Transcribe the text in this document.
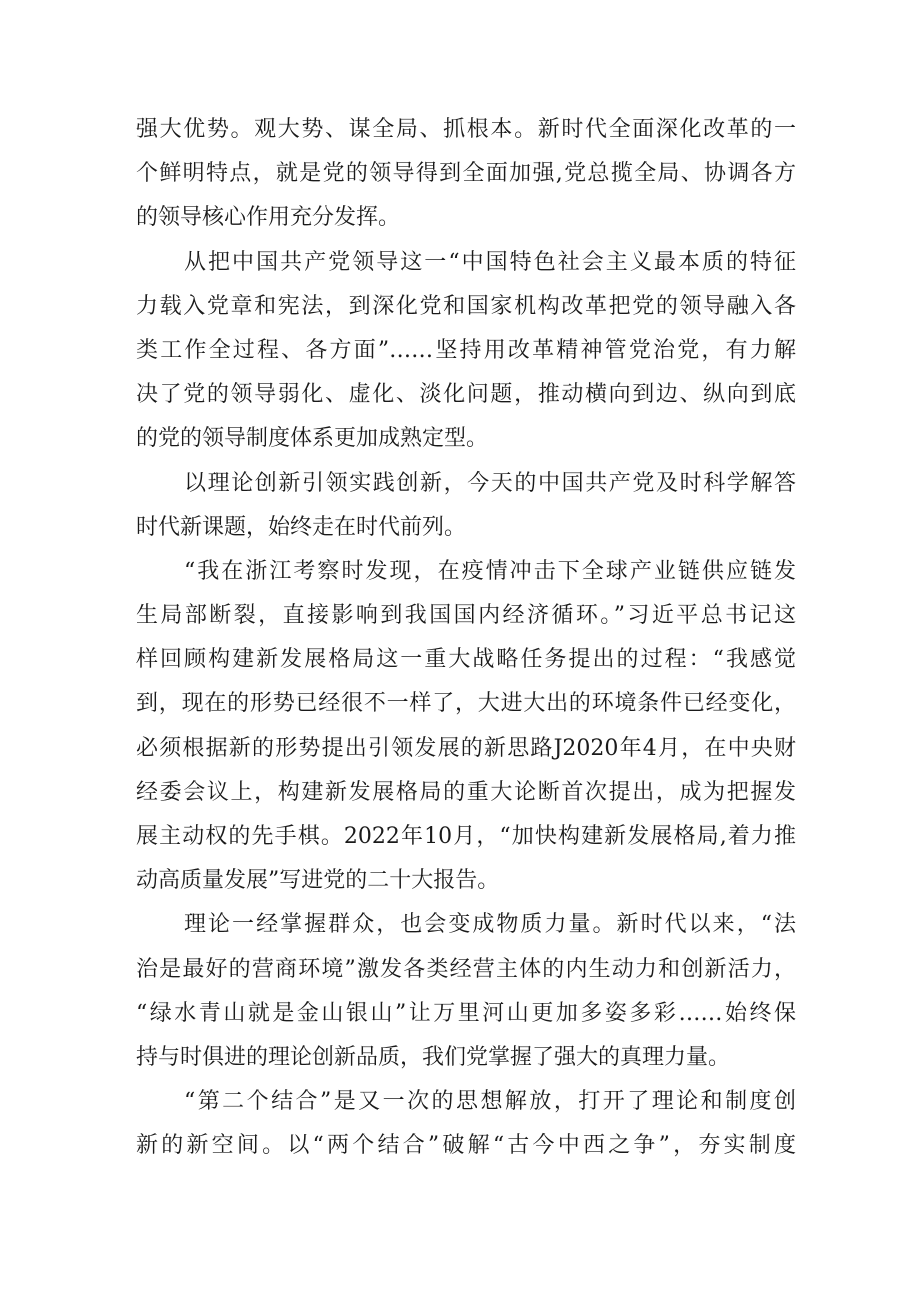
强大优势。观大势、谋全局、抓根本。新时代全面深化改革的一
个鲜明特点，就是党的领导得到全面加强,党总揽全局、协调各方
的领导核心作用充分发挥。
从把中国共产党领导这一“中国特色社会主义最本质的特征
力载入党章和宪法，到深化党和国家机构改革把党的领导融入各
类工作全过程、各方面”……坚持用改革精神管党治党，有力解
决了党的领导弱化、虚化、淡化问题，推动横向到边、纵向到底
的党的领导制度体系更加成熟定型。
以理论创新引领实践创新，今天的中国共产党及时科学解答
时代新课题，始终走在时代前列。
“我在浙江考察时发现，在疫情冲击下全球产业链供应链发
生局部断裂，直接影响到我国国内经济循环。”习近平总书记这
样回顾构建新发展格局这一重大战略任务提出的过程：“我感觉
到，现在的形势已经很不一样了，大进大出的环境条件已经变化，
必须根据新的形势提出引领发展的新思路J2020年4月，在中央财
经委会议上，构建新发展格局的重大论断首次提出，成为把握发
展主动权的先手棋。2022年10月，“加快构建新发展格局,着力推
动高质量发展”写进党的二十大报告。
理论一经掌握群众，也会变成物质力量。新时代以来，“法
治是最好的营商环境”激发各类经营主体的内生动力和创新活力，
“绿水青山就是金山银山”让万里河山更加多姿多彩……始终保
持与时俱进的理论创新品质，我们党掌握了强大的真理力量。
“第二个结合”是又一次的思想解放，打开了理论和制度创
新的新空间。以“两个结合”破解“古今中西之争”，夯实制度
